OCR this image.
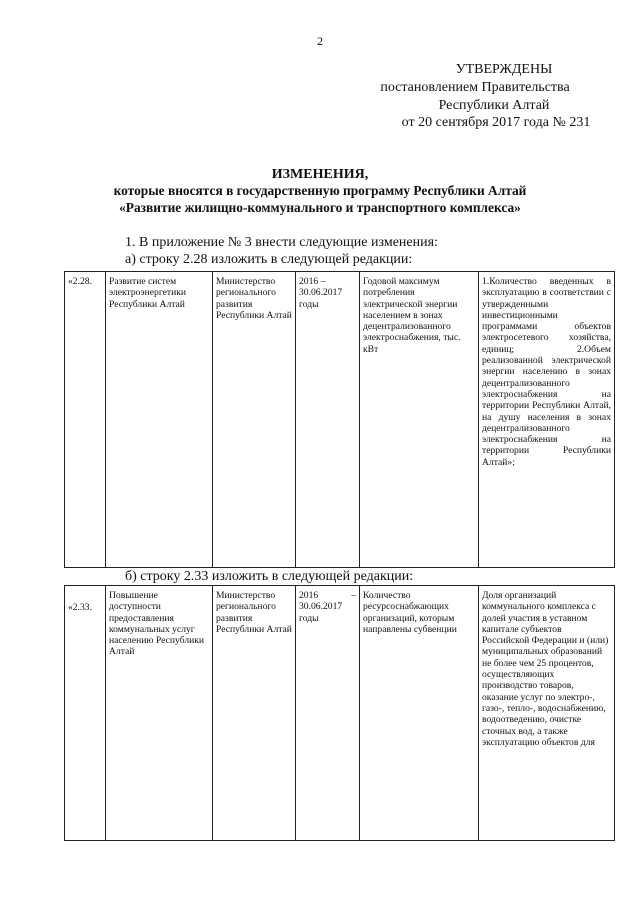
2
УТВЕРЖДЕНЫ
постановлением Правительства
Республики Алтай
от 20 сентября 2017 года № 231
ИЗМЕНЕНИЯ,
которые вносятся в государственную программу Республики Алтай
«Развитие жилищно-коммунального и транспортного комплекса»
1. В приложение № 3 внести следующие изменения:
а) строку 2.28 изложить в следующей редакции:
«2.28.	Развитие систем электроэнергетики Республики Алтай	Министерство регионального развития Республики Алтай	2016 – 30.06.2017 годы	Годовой максимум потребления электрической энергии населением в зонах децентрализованного электроснабжения, тыс. кВт	1.Количество введенных в эксплуатацию в соответствии с утвержденными инвестиционными программами объектов электросетевого хозяйства, единиц; 2.Объем реализованной электрической энергии населению в зонах децентрализованного электроснабжения на территории Республики Алтай, на душу населения в зонах децентрализованного электроснабжения на территории Республики Алтай»;
б) строку 2.33 изложить в следующей редакции:
«2.33.	Повышение доступности предоставления коммунальных услуг населению Республики Алтай	Министерство регионального развития Республики Алтай	2016 – 30.06.2017 годы	Количество ресурсоснабжающих организаций, которым направлены субвенции	Доля организаций коммунального комплекса с долей участия в уставном капитале субъектов Российской Федерации и (или) муниципальных образований не более чем 25 процентов, осуществляющих производство товаров, оказание услуг по электро-, газо-, тепло-, водоснабжению, водоотведению, очистке сточных вод, а также эксплуатацию объектов для
